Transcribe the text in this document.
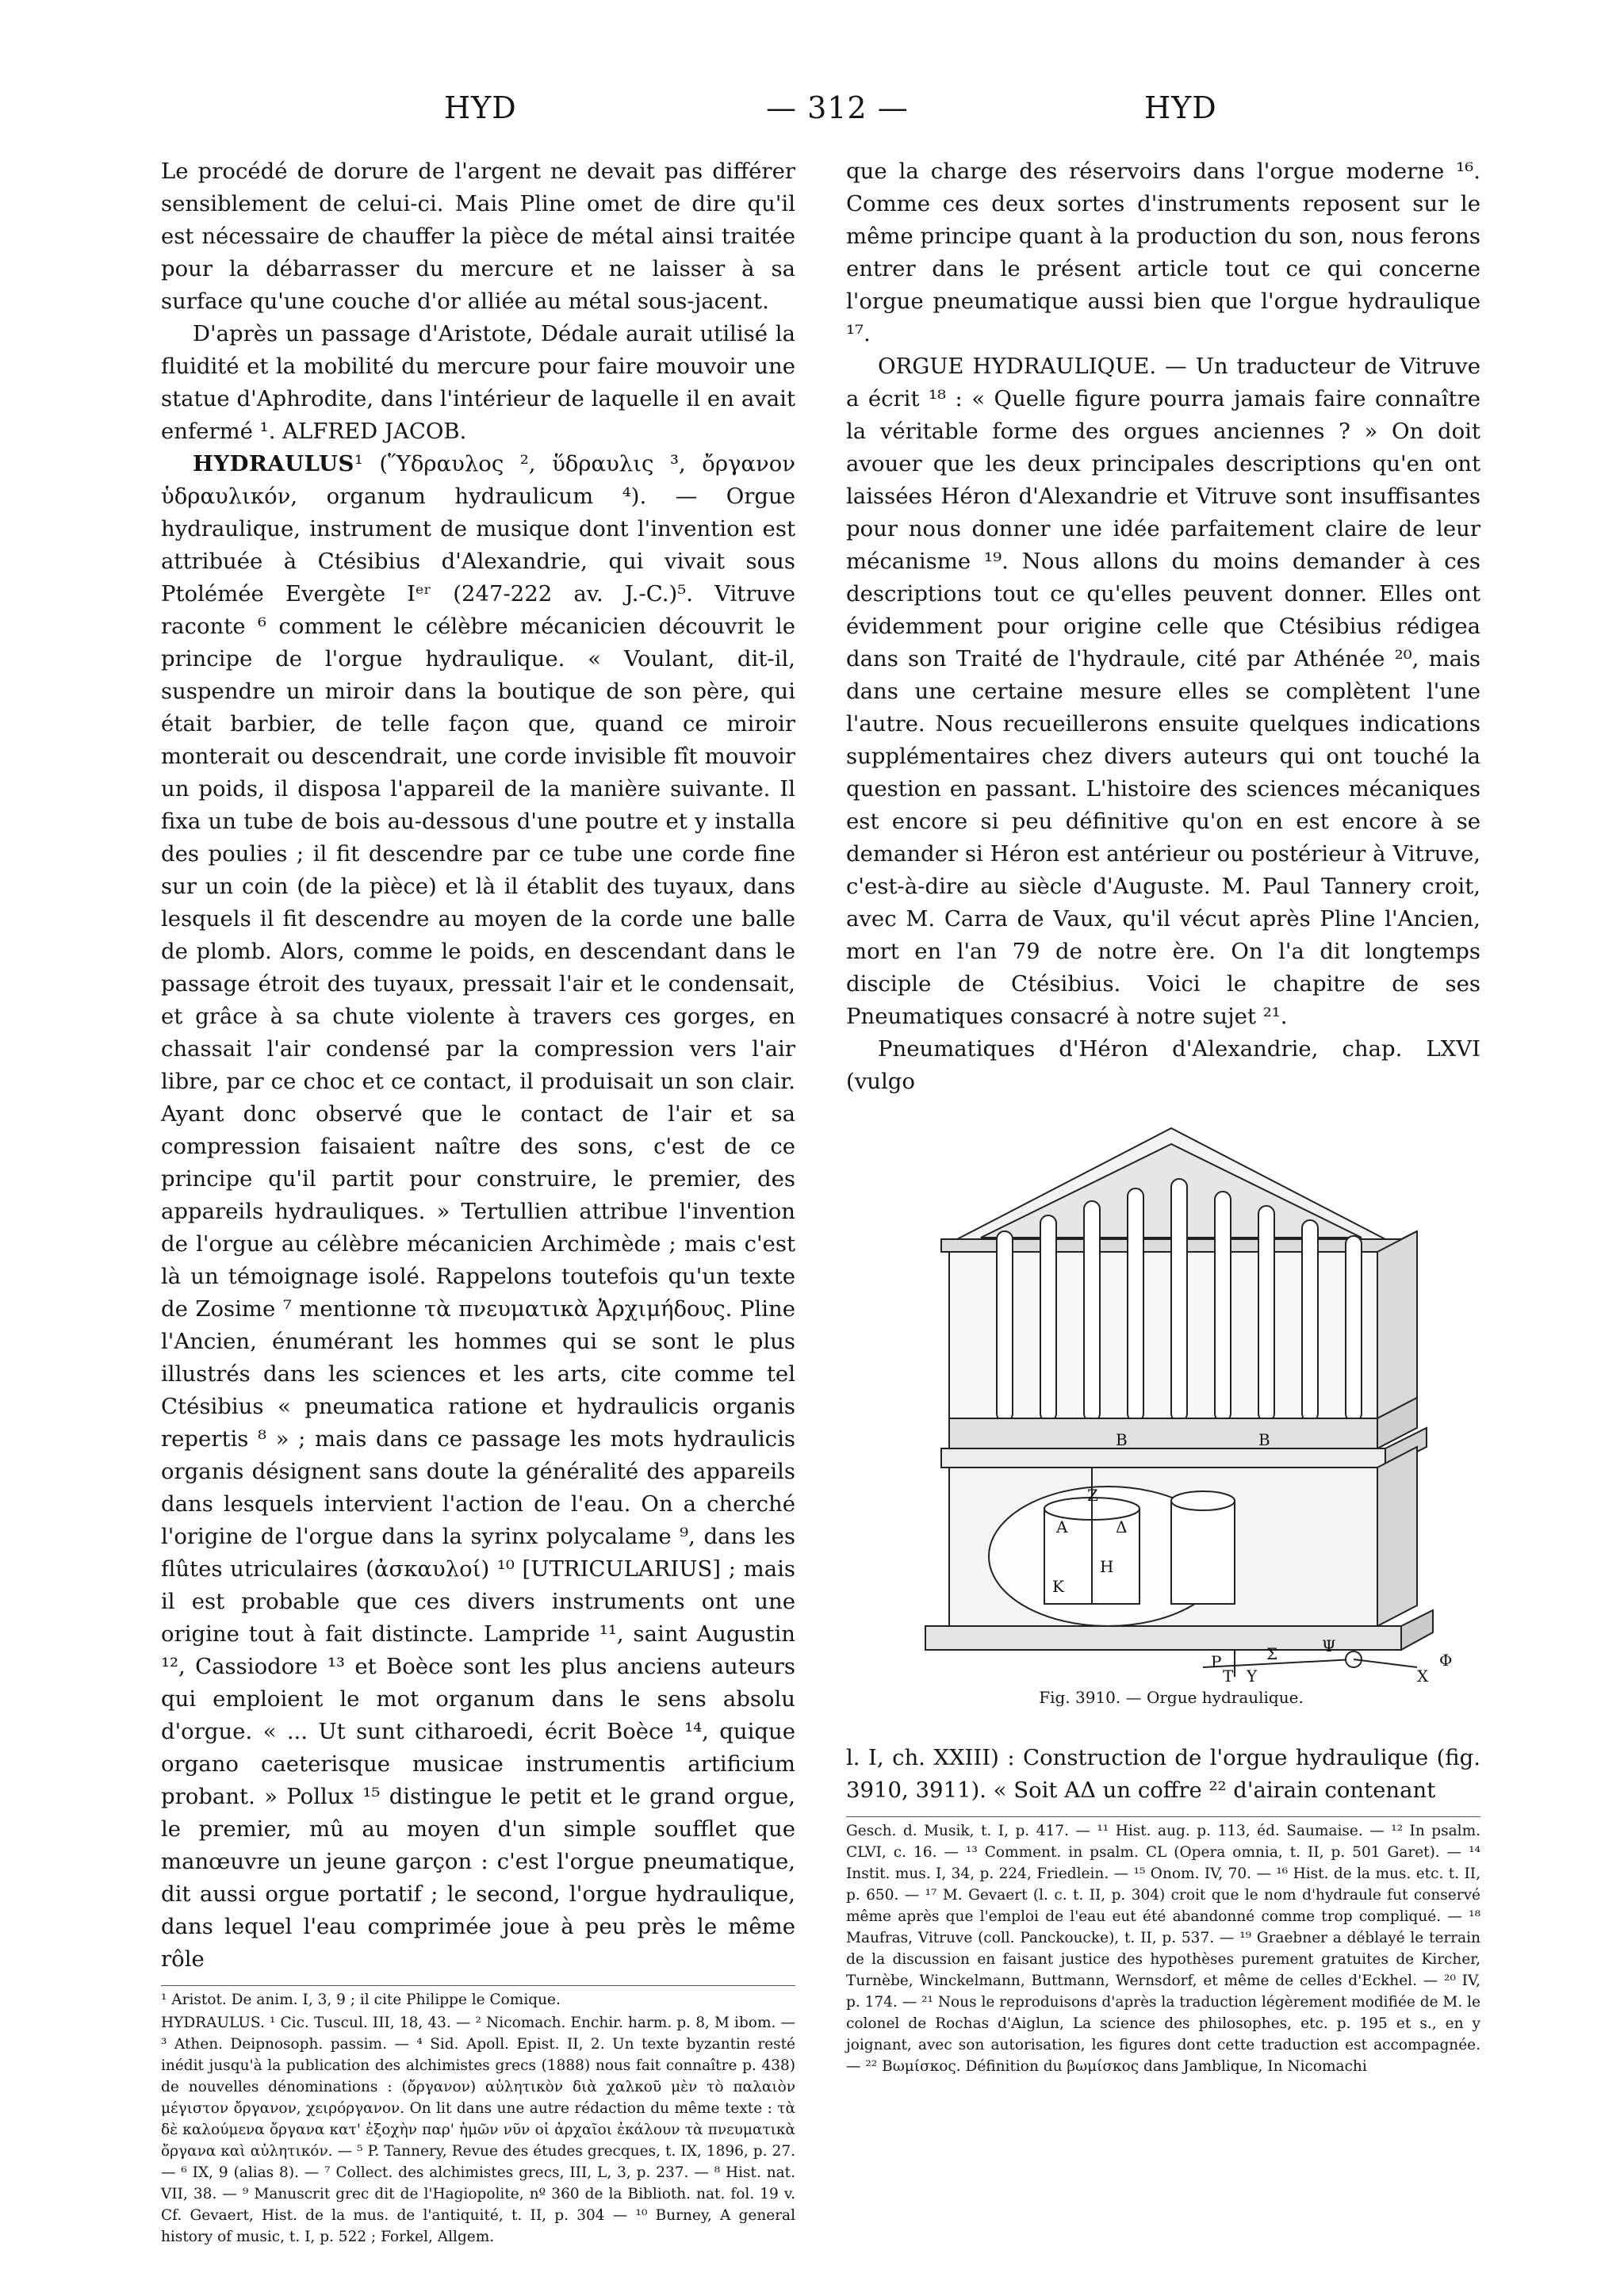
HYD	— 312 —	HYD

Le procédé de dorure de l'argent ne devait pas différer sensiblement de celui-ci. Mais Pline omet de dire qu'il est nécessaire de chauffer la pièce de métal ainsi traitée pour la débarrasser du mercure et ne laisser à sa surface qu'une couche d'or alliée au métal sous-jacent.

D'après un passage d'Aristote, Dédale aurait utilisé la fluidité et la mobilité du mercure pour faire mouvoir une statue d'Aphrodite, dans l'intérieur de laquelle il en avait enfermé ¹. ALFRED JACOB.

HYDRAULUS¹ (Ὕδραυλος ², ὕδραυλις ³, ὄργανον ὑδραυλικόν, organum hydraulicum ⁴). — Orgue hydraulique, instrument de musique dont l'invention est attribuée à Ctésibius d'Alexandrie, qui vivait sous Ptolémée Evergète Iᵉʳ (247-222 av. J.-C.)⁵. Vitruve raconte ⁶ comment le célèbre mécanicien découvrit le principe de l'orgue hydraulique. « Voulant, dit-il, suspendre un miroir dans la boutique de son père, qui était barbier, de telle façon que, quand ce miroir monterait ou descendrait, une corde invisible fît mouvoir un poids, il disposa l'appareil de la manière suivante. Il fixa un tube de bois au-dessous d'une poutre et y installa des poulies ; il fit descendre par ce tube une corde fine sur un coin (de la pièce) et là il établit des tuyaux, dans lesquels il fit descendre au moyen de la corde une balle de plomb. Alors, comme le poids, en descendant dans le passage étroit des tuyaux, pressait l'air et le condensait, et grâce à sa chute violente à travers ces gorges, en chassait l'air condensé par la compression vers l'air libre, par ce choc et ce contact, il produisait un son clair. Ayant donc observé que le contact de l'air et sa compression faisaient naître des sons, c'est de ce principe qu'il partit pour construire, le premier, des appareils hydrauliques. » Tertullien attribue l'invention de l'orgue au célèbre mécanicien Archimède ; mais c'est là un témoignage isolé. Rappelons toutefois qu'un texte de Zosime ⁷ mentionne τὰ πνευματικὰ Ἀρχιμήδους. Pline l'Ancien, énumérant les hommes qui se sont le plus illustrés dans les sciences et les arts, cite comme tel Ctésibius « pneumatica ratione et hydraulicis organis repertis ⁸ » ; mais dans ce passage les mots hydraulicis organis désignent sans doute la généralité des appareils dans lesquels intervient l'action de l'eau. On a cherché l'origine de l'orgue dans la syrinx polycalame ⁹, dans les flûtes utriculaires (ἀσκαυλοί) ¹⁰ [UTRICULARIUS] ; mais il est probable que ces divers instruments ont une origine tout à fait distincte. Lampride ¹¹, saint Augustin ¹², Cassiodore ¹³ et Boèce sont les plus anciens auteurs qui emploient le mot organum dans le sens absolu d'orgue. « ... Ut sunt citharoedi, écrit Boèce ¹⁴, quique organo caeterisque musicae instrumentis artificium probant. » Pollux ¹⁵ distingue le petit et le grand orgue, le premier, mû au moyen d'un simple soufflet que manœuvre un jeune garçon : c'est l'orgue pneumatique, dit aussi orgue portatif ; le second, l'orgue hydraulique, dans lequel l'eau comprimée joue à peu près le même rôle

¹ Aristot. De anim. I, 3, 9 ; il cite Philippe le Comique.

HYDRAULUS. ¹ Cic. Tuscul. III, 18, 43. — ² Nicomach. Enchir. harm. p. 8, M ibom. — ³ Athen. Deipnosoph. passim. — ⁴ Sid. Apoll. Epist. II, 2. Un texte byzantin resté inédit jusqu'à la publication des alchimistes grecs (1888) nous fait connaître p. 438) de nouvelles dénominations : (ὄργανον) αὐλητικὸν διὰ χαλκοῦ μὲν τὸ παλαιὸν μέγιστον ὄργανον, χειρόργανον. On lit dans une autre rédaction du même texte : τὰ δὲ καλούμενα ὄργανα κατ' ἐξοχὴν παρ' ἡμῶν νῦν οἱ ἀρχαῖοι ἐκάλουν τὰ πνευματικὰ ὄργανα καὶ αὐλητικόν. — ⁵ P. Tannery, Revue des études grecques, t. IX, 1896, p. 27. — ⁶ IX, 9 (alias 8). — ⁷ Collect. des alchimistes grecs, III, L, 3, p. 237. — ⁸ Hist. nat. VII, 38. — ⁹ Manuscrit grec dit de l'Hagiopolite, nº 360 de la Biblioth. nat. fol. 19 v. Cf. Gevaert, Hist. de la mus. de l'antiquité, t. II, p. 304 — ¹⁰ Burney, A general history of music, t. I, p. 522 ; Forkel, Allgem.

que la charge des réservoirs dans l'orgue moderne ¹⁶. Comme ces deux sortes d'instruments reposent sur le même principe quant à la production du son, nous ferons entrer dans le présent article tout ce qui concerne l'orgue pneumatique aussi bien que l'orgue hydraulique ¹⁷.

ORGUE HYDRAULIQUE. — Un traducteur de Vitruve a écrit ¹⁸ : « Quelle figure pourra jamais faire connaître la véritable forme des orgues anciennes ? » On doit avouer que les deux principales descriptions qu'en ont laissées Héron d'Alexandrie et Vitruve sont insuffisantes pour nous donner une idée parfaitement claire de leur mécanisme ¹⁹. Nous allons du moins demander à ces descriptions tout ce qu'elles peuvent donner. Elles ont évidemment pour origine celle que Ctésibius rédigea dans son Traité de l'hydraule, cité par Athénée ²⁰, mais dans une certaine mesure elles se complètent l'une l'autre. Nous recueillerons ensuite quelques indications supplémentaires chez divers auteurs qui ont touché la question en passant. L'histoire des sciences mécaniques est encore si peu définitive qu'on en est encore à se demander si Héron est antérieur ou postérieur à Vitruve, c'est-à-dire au siècle d'Auguste. M. Paul Tannery croit, avec M. Carra de Vaux, qu'il vécut après Pline l'Ancien, mort en l'an 79 de notre ère. On l'a dit longtemps disciple de Ctésibius. Voici le chapitre de ses Pneumatiques consacré à notre sujet ²¹.

Pneumatiques d'Héron d'Alexandrie, chap. LXVI (vulgo

A	Δ
Z
H
K
B	B
P	Σ	Ψ
T Y	X
Φ
Fig. 3910. — Orgue hydraulique.

l. I, ch. XXIII) : Construction de l'orgue hydraulique (fig. 3910, 3911). « Soit AΔ un coffre ²² d'airain contenant

Gesch. d. Musik, t. I, p. 417. — ¹¹ Hist. aug. p. 113, éd. Saumaise. — ¹² In psalm. CLVI, c. 16. — ¹³ Comment. in psalm. CL (Opera omnia, t. II, p. 501 Garet). — ¹⁴ Instit. mus. I, 34, p. 224, Friedlein. — ¹⁵ Onom. IV, 70. — ¹⁶ Hist. de la mus. etc. t. II, p. 650. — ¹⁷ M. Gevaert (l. c. t. II, p. 304) croit que le nom d'hydraule fut conservé même après que l'emploi de l'eau eut été abandonné comme trop compliqué. — ¹⁸ Maufras, Vitruve (coll. Panckoucke), t. II, p. 537. — ¹⁹ Graebner a déblayé le terrain de la discussion en faisant justice des hypothèses purement gratuites de Kircher, Turnèbe, Winckelmann, Buttmann, Wernsdorf, et même de celles d'Eckhel. — ²⁰ IV, p. 174. — ²¹ Nous le reproduisons d'après la traduction légèrement modifiée de M. le colonel de Rochas d'Aiglun, La science des philosophes, etc. p. 195 et s., en y joignant, avec son autorisation, les figures dont cette traduction est accompagnée. — ²² Βωμίσκος. Définition du βωμίσκος dans Jamblique, In Nicomachi
